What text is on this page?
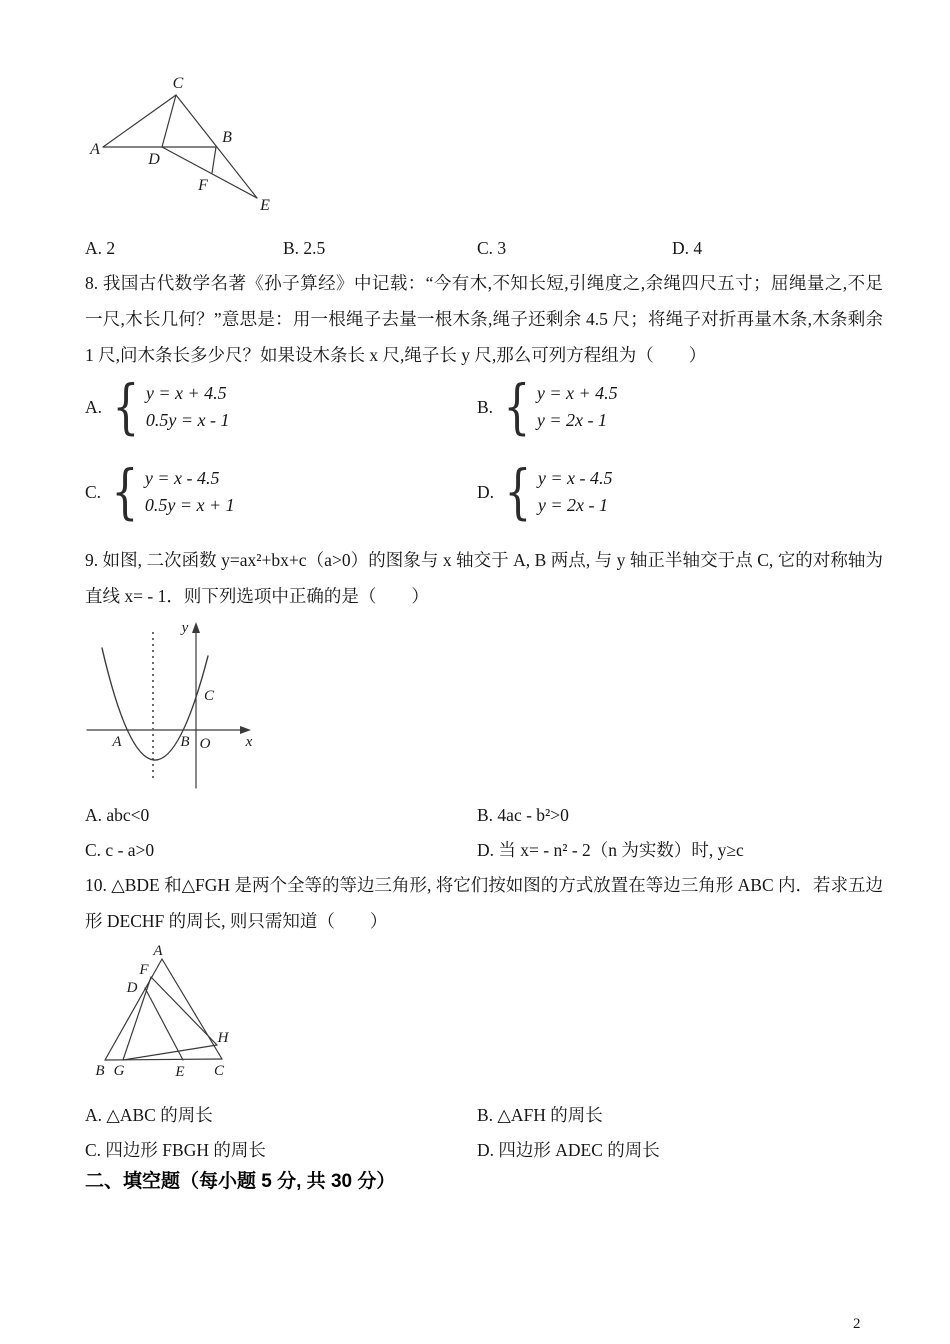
A
C
B
D
F
E
A. 2	B. 2.5	C. 3	D. 4
8. 我国古代数学名著《孙子算经》中记载：“今有木,不知长短,引绳度之,余绳四尺五寸；屈绳量之,不足
一尺,木长几何？”意思是：用一根绳子去量一根木条,绳子还剩余 4.5 尺；将绳子对折再量木条,木条剩余
1 尺,问木条长多少尺？如果设木条长 x 尺,绳子长 y 尺,那么可列方程组为（　　）
A. { y = x + 4.5
0.5y = x - 1
B. { y = x + 4.5
y = 2x - 1
C. { y = x - 4.5
0.5y = x + 1
D. { y = x - 4.5
y = 2x - 1
9. 如图, 二次函数 y=ax²+bx+c（a>0）的图象与 x 轴交于 A, B 两点, 与 y 轴正半轴交于点 C, 它的对称轴为
直线 x= - 1．则下列选项中正确的是（　　）
y
x
A	B O
C
A. abc<0	B. 4ac - b²>0
C. c - a>0	D. 当 x= - n² - 2（n 为实数）时, y≥c
10. △BDE 和△FGH 是两个全等的等边三角形, 将它们按如图的方式放置在等边三角形 ABC 内．若求五边
形 DECHF 的周长, 则只需知道（　　）
A
B	C
D
E
F
G
H
A. △ABC 的周长	B. △AFH 的周长
C. 四边形 FBGH 的周长	D. 四边形 ADEC 的周长
二、填空题（每小题 5 分, 共 30 分）
2
